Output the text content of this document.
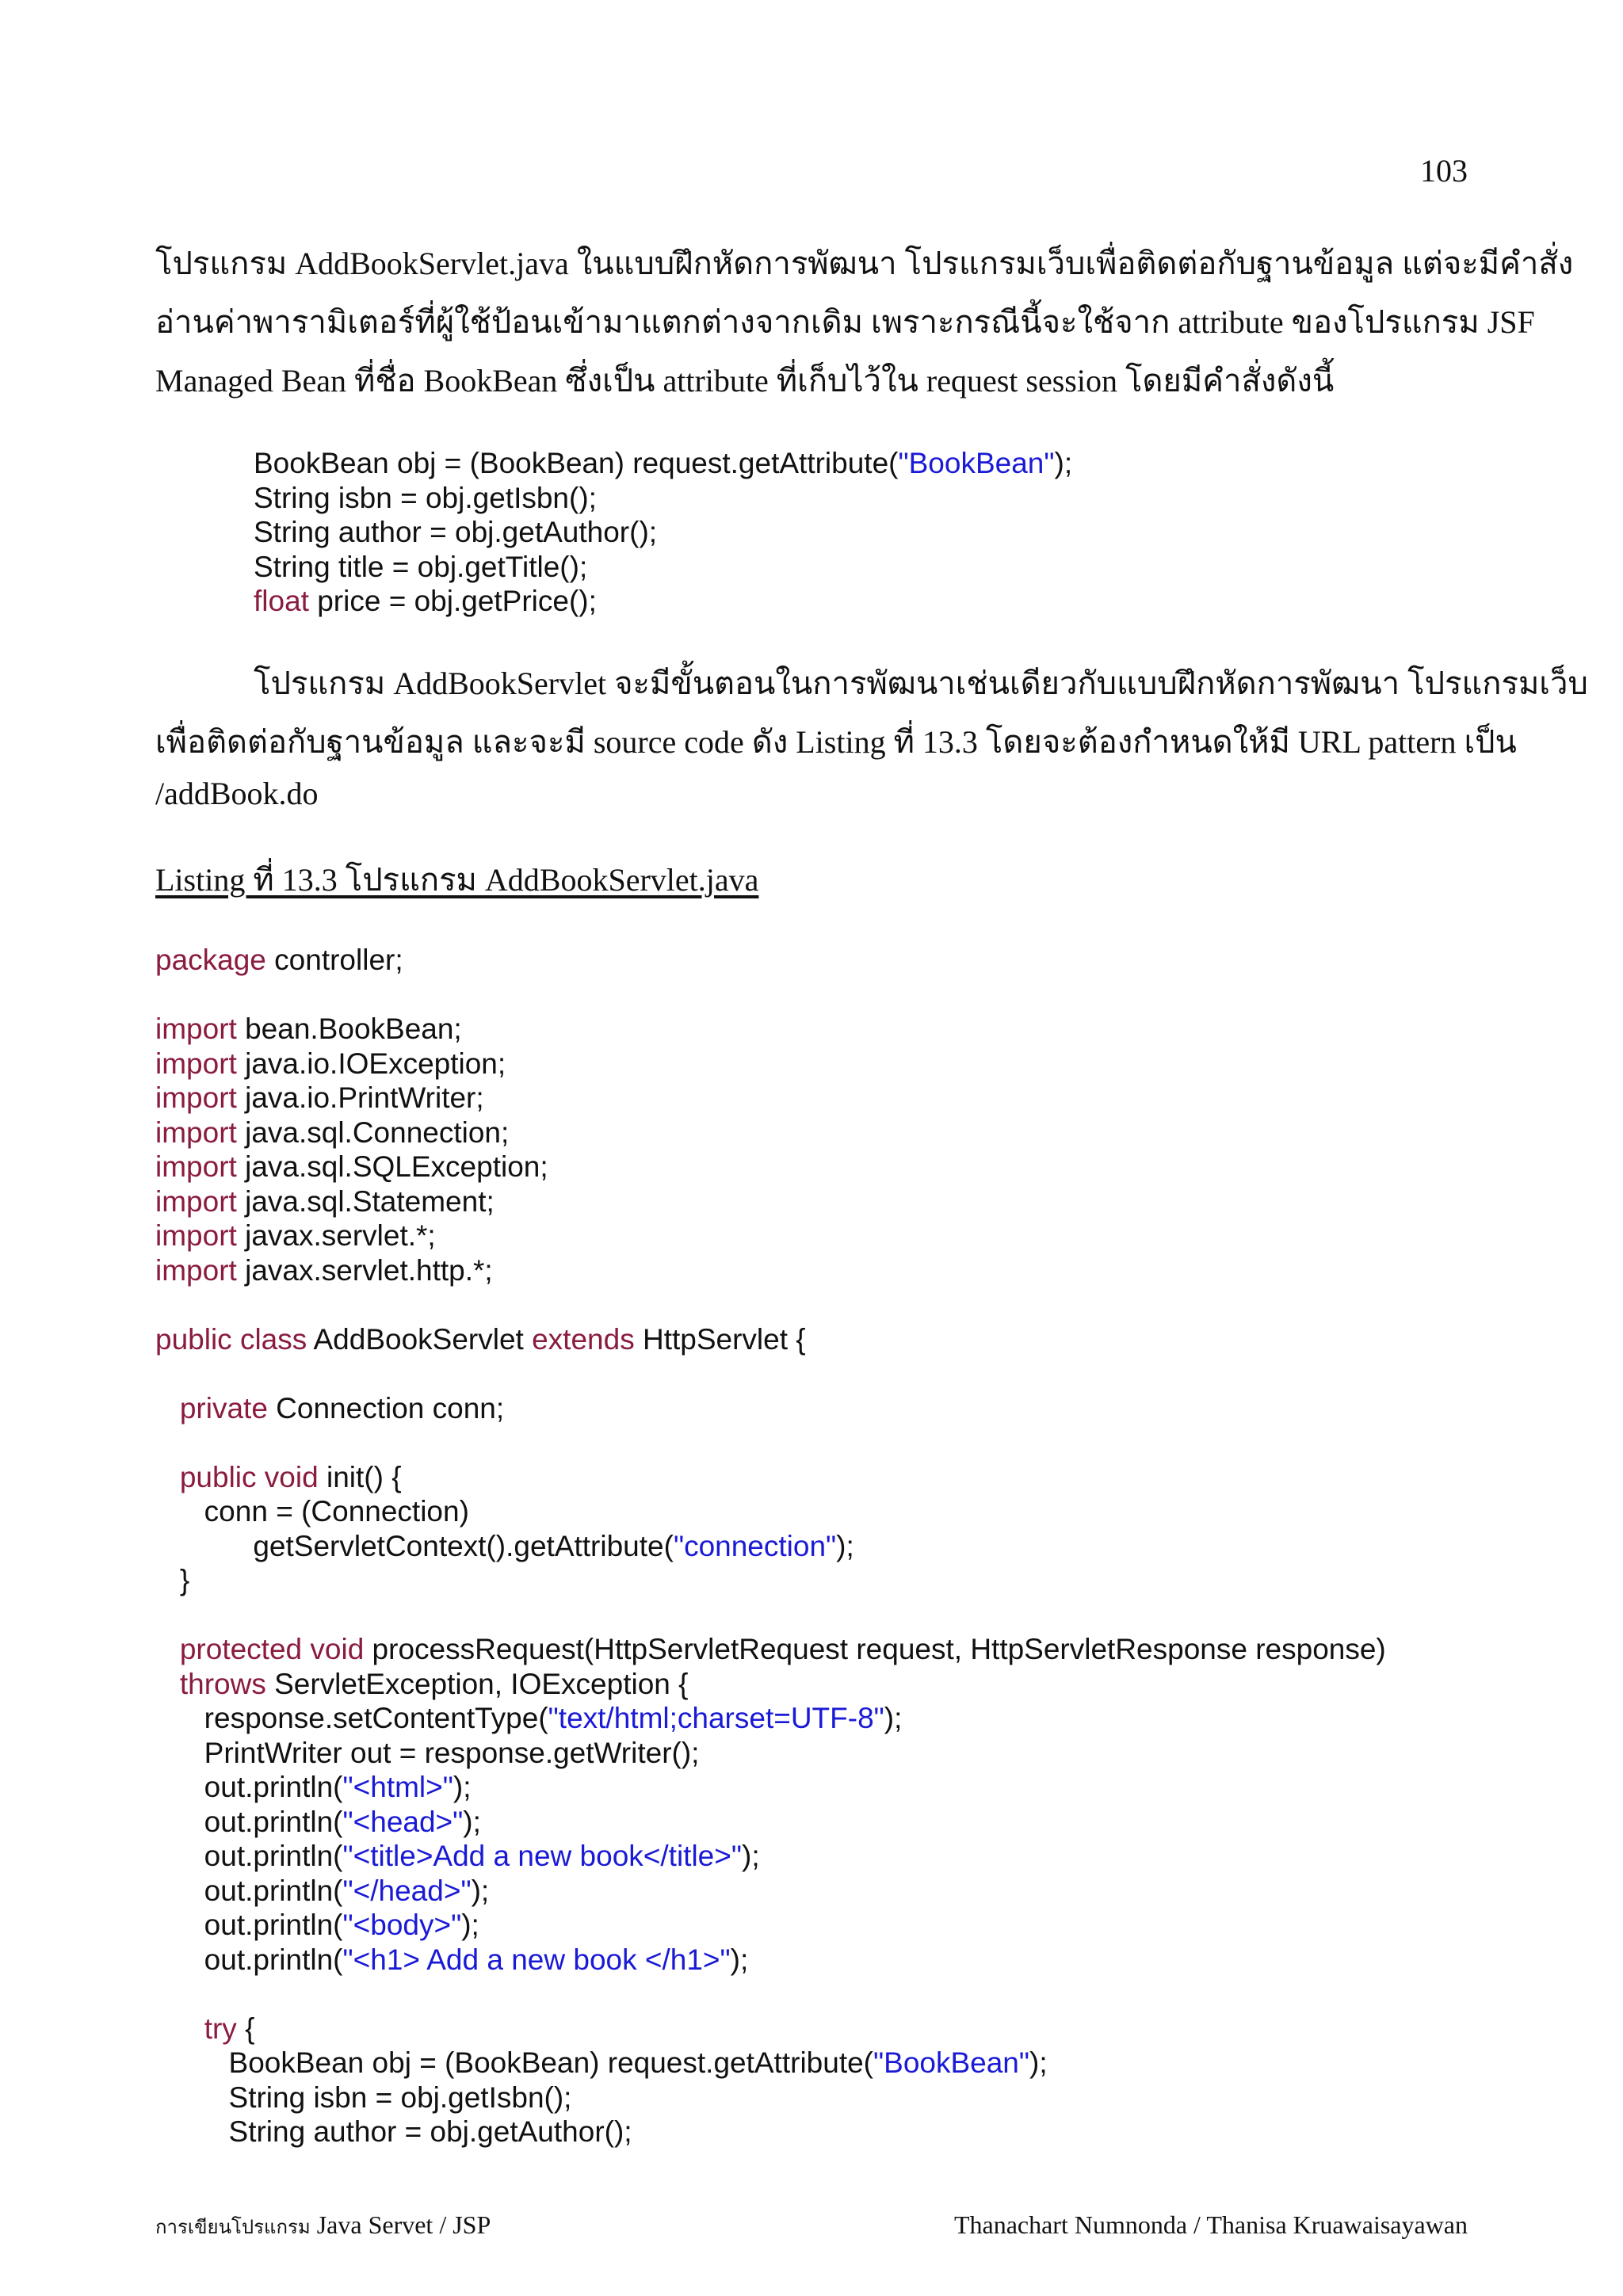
103
โปรแกรม AddBookServlet.java ในแบบฝึกหัดการพัฒนา โปรแกรมเว็บเพื่อติดต่อกับฐานข้อมูล แต่จะมีคำสั่ง
อ่านค่าพารามิเตอร์ที่ผู้ใช้ป้อนเข้ามาแตกต่างจากเดิม เพราะกรณีนี้จะใช้จาก attribute ของโปรแกรม JSF
Managed Bean ที่ชื่อ BookBean ซึ่งเป็น attribute ที่เก็บไว้ใน request session โดยมีคำสั่งดังนี้
BookBean obj = (BookBean) request.getAttribute("BookBean");
String isbn = obj.getIsbn();
String author = obj.getAuthor();
String title = obj.getTitle();
float price = obj.getPrice();
โปรแกรม AddBookServlet จะมีขั้นตอนในการพัฒนาเช่นเดียวกับแบบฝึกหัดการพัฒนา โปรแกรมเว็บ
เพื่อติดต่อกับฐานข้อมูล และจะมี source code ดัง Listing ที่ 13.3 โดยจะต้องกำหนดให้มี URL pattern เป็น
/addBook.do
Listing ที่ 13.3 โปรแกรม AddBookServlet.java
package controller;
import bean.BookBean;
import java.io.IOException;
import java.io.PrintWriter;
import java.sql.Connection;
import java.sql.SQLException;
import java.sql.Statement;
import javax.servlet.*;
import javax.servlet.http.*;
public class AddBookServlet extends HttpServlet {
private Connection conn;
public void init() {
conn = (Connection)
getServletContext().getAttribute("connection");
}
protected void processRequest(HttpServletRequest request, HttpServletResponse response)
throws ServletException, IOException {
response.setContentType("text/html;charset=UTF-8");
PrintWriter out = response.getWriter();
out.println("<html>");
out.println("<head>");
out.println("<title>Add a new book</title>");
out.println("</head>");
out.println("<body>");
out.println("<h1> Add a new book </h1>");
try {
BookBean obj = (BookBean) request.getAttribute("BookBean");
String isbn = obj.getIsbn();
String author = obj.getAuthor();
การเขียนโปรแกรม Java Servet / JSP	Thanachart Numnonda / Thanisa Kruawaisayawan
